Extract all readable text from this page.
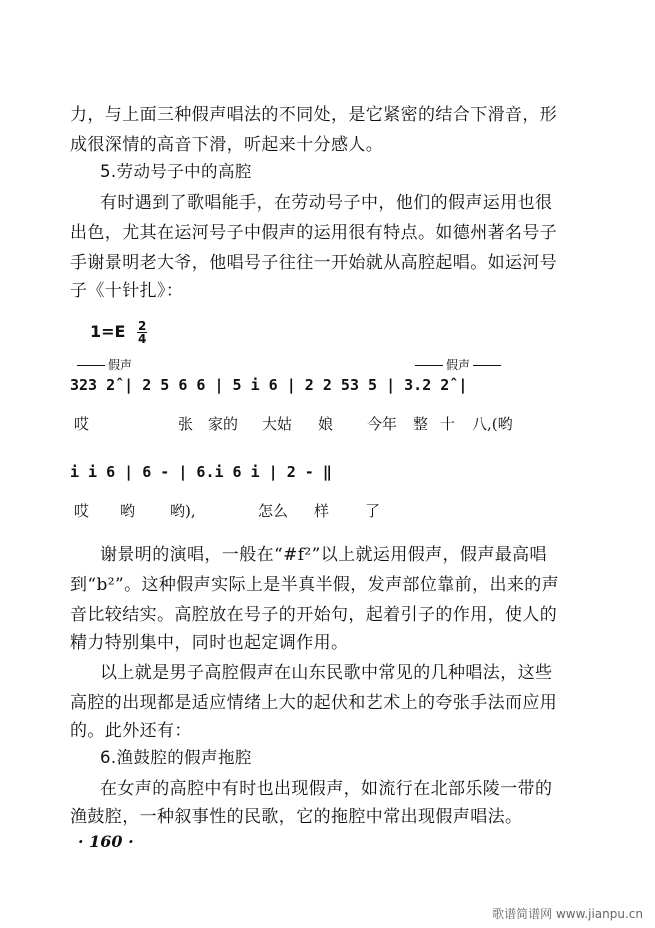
力，与上面三种假声唱法的不同处，是它紧密的结合下滑音，形
成很深情的高音下滑，听起来十分感人。
5.劳动号子中的高腔
有时遇到了歌唱能手，在劳动号子中，他们的假声运用也很
出色，尤其在运河号子中假声的运用很有特点。如德州著名号子
手谢景明老大爷，他唱号子往往一开始就从高腔起唱。如运河号
子《十针扎》：
$1=E \frac{2}{4}$
假声	假声
323 2̂ | 2 5 6 6 | 5 i 6 | 2 2 53 5 | 3.2 2̂ |
哎	张 家的 大姑 娘 今年 整 十 八,(哟
i i 6 | 6 - | 6.i 6 i | 2 - ‖
哎 哟 哟),	怎么 样 了
谢景明的演唱，一般在“#f²”以上就运用假声，假声最高唱
到“b²”。这种假声实际上是半真半假，发声部位靠前，出来的声
音比较结实。高腔放在号子的开始句，起着引子的作用，使人的
精力特别集中，同时也起定调作用。
以上就是男子高腔假声在山东民歌中常见的几种唱法，这些
高腔的出现都是适应情绪上大的起伏和艺术上的夸张手法而应用
的。此外还有：
6.渔鼓腔的假声拖腔
在女声的高腔中有时也出现假声，如流行在北部乐陵一带的
渔鼓腔，一种叙事性的民歌，它的拖腔中常出现假声唱法。
· 160 ·
歌谱简谱网 www.jianpu.cn
